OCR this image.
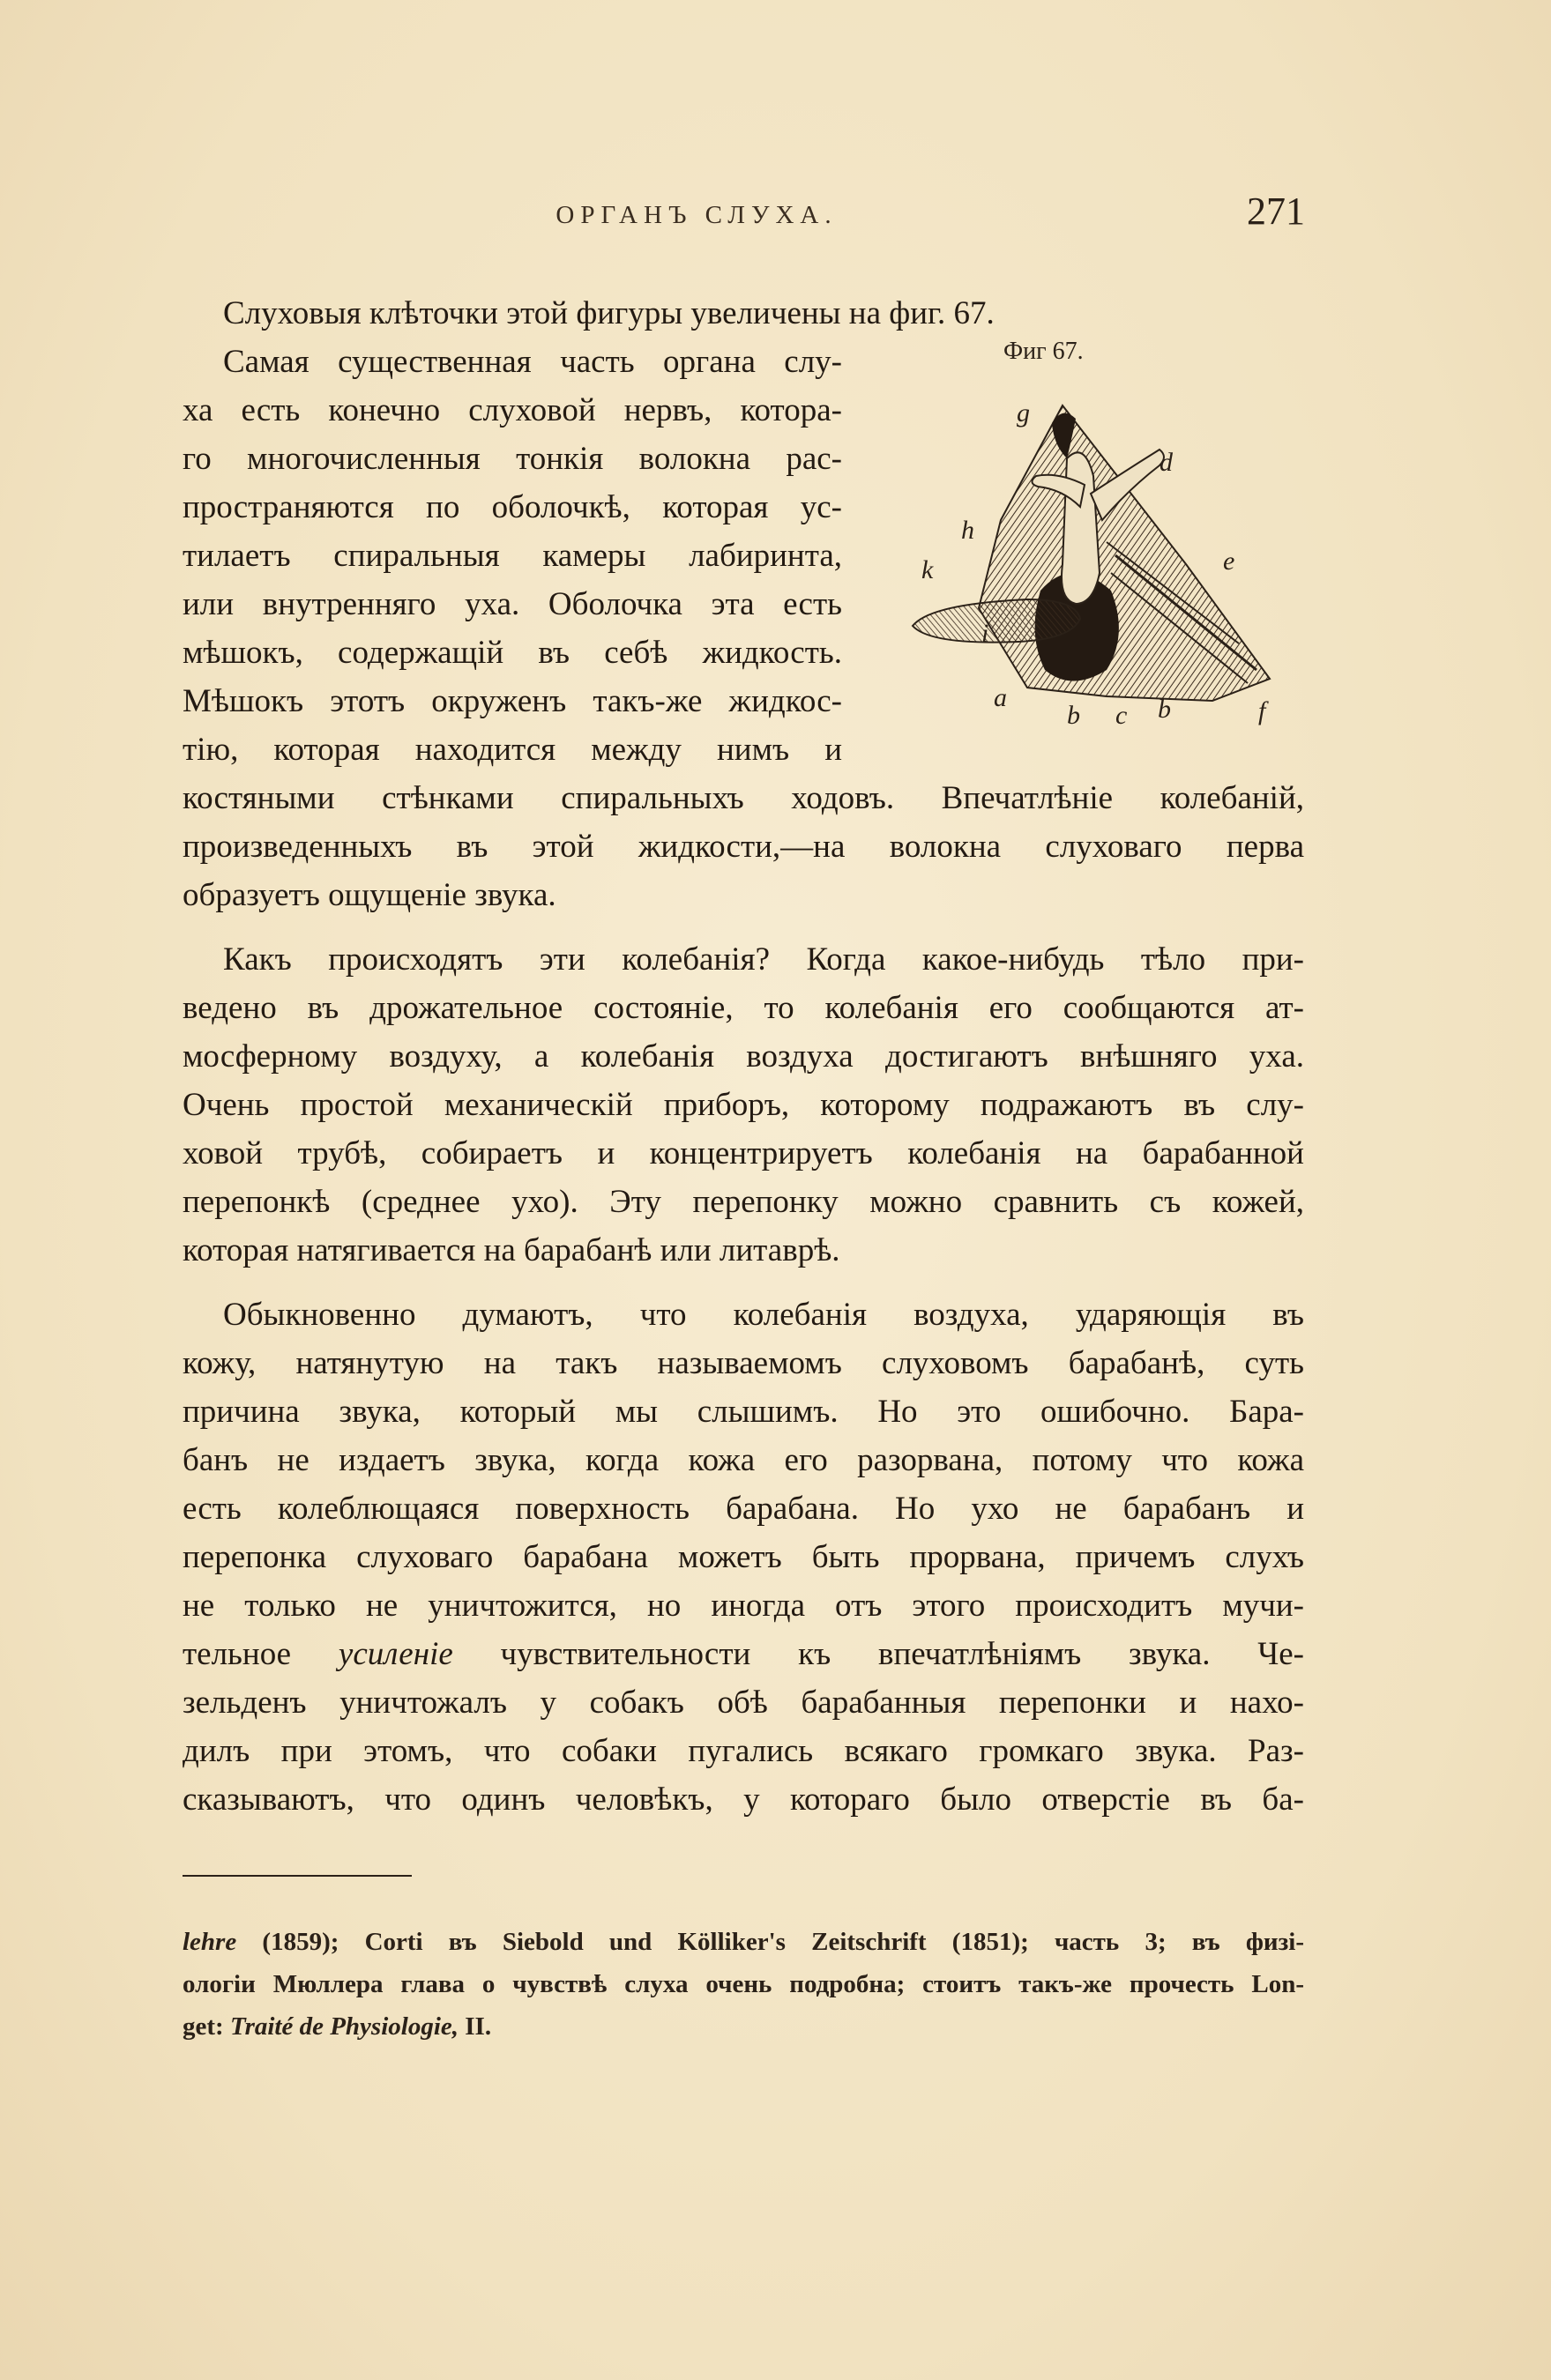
ОРГАНЪ СЛУХА.	271
Слуховыя клѣточки этой фигуры увеличены на фиг. 67.
Самая существенная часть органа слу-
ха есть конечно слуховой нервъ, котора-
го многочисленныя тонкія волокна рас-
пространяются по оболочкѣ, которая ус-
тилаетъ спиральныя камеры лабиринта,
или внутренняго уха. Оболочка эта есть
мѣшокъ, содержащій въ себѣ жидкость.
Мѣшокъ этотъ окруженъ такъ-же жидкос-
тію, которая находится между нимъ и
костяными стѣнками спиральныхъ ходовъ. Впечатлѣніе колебаній,
произведенныхъ въ этой жидкости,—на волокна слуховаго перва
образуетъ ощущеніе звука.
Какъ происходятъ эти колебанія? Когда какое-нибудь тѣло при-
ведено въ дрожательное состояніе, то колебанія его сообщаются ат-
мосферному воздуху, а колебанія воздуха достигаютъ внѣшняго уха.
Очень простой механическій приборъ, которому подражаютъ въ слу-
ховой трубѣ, собираетъ и концентрируетъ колебанія на барабанной
перепонкѣ (среднее ухо). Эту перепонку можно сравнить съ кожей,
которая натягивается на барабанѣ или литаврѣ.
Обыкновенно думаютъ, что колебанія воздуха, ударяющія въ
кожу, натянутую на такъ называемомъ слуховомъ барабанѣ, суть
причина звука, который мы слышимъ. Но это ошибочно. Бара-
банъ не издаетъ звука, когда кожа его разорвана, потому что кожа
есть колеблющаяся поверхность барабана. Но ухо не барабанъ и
перепонка слуховаго барабана можетъ быть прорвана, причемъ слухъ
не только не уничтожится, но иногда отъ этого происходитъ мучи-
тельное усиленіе чувствительности къ впечатлѣніямъ звука. Че-
зельденъ уничтожалъ у собакъ обѣ барабанныя перепонки и нахо-
дилъ при этомъ, что собаки пугались всякаго громкаго звука. Раз-
сказываютъ, что одинъ человѣкъ, у котораго было отверстіе въ ба-
Фиг 67.
g
d
h
k	e
i
a
b c b	f
lehre (1859); Corti въ Siebold und Kölliker's Zeitschrift (1851); часть 3; въ физі-
ологіи Мюллера глава о чувствѣ слуха очень подробна; стоитъ такъ-же прочесть Lon-
get: Traité de Physiologie, II.
